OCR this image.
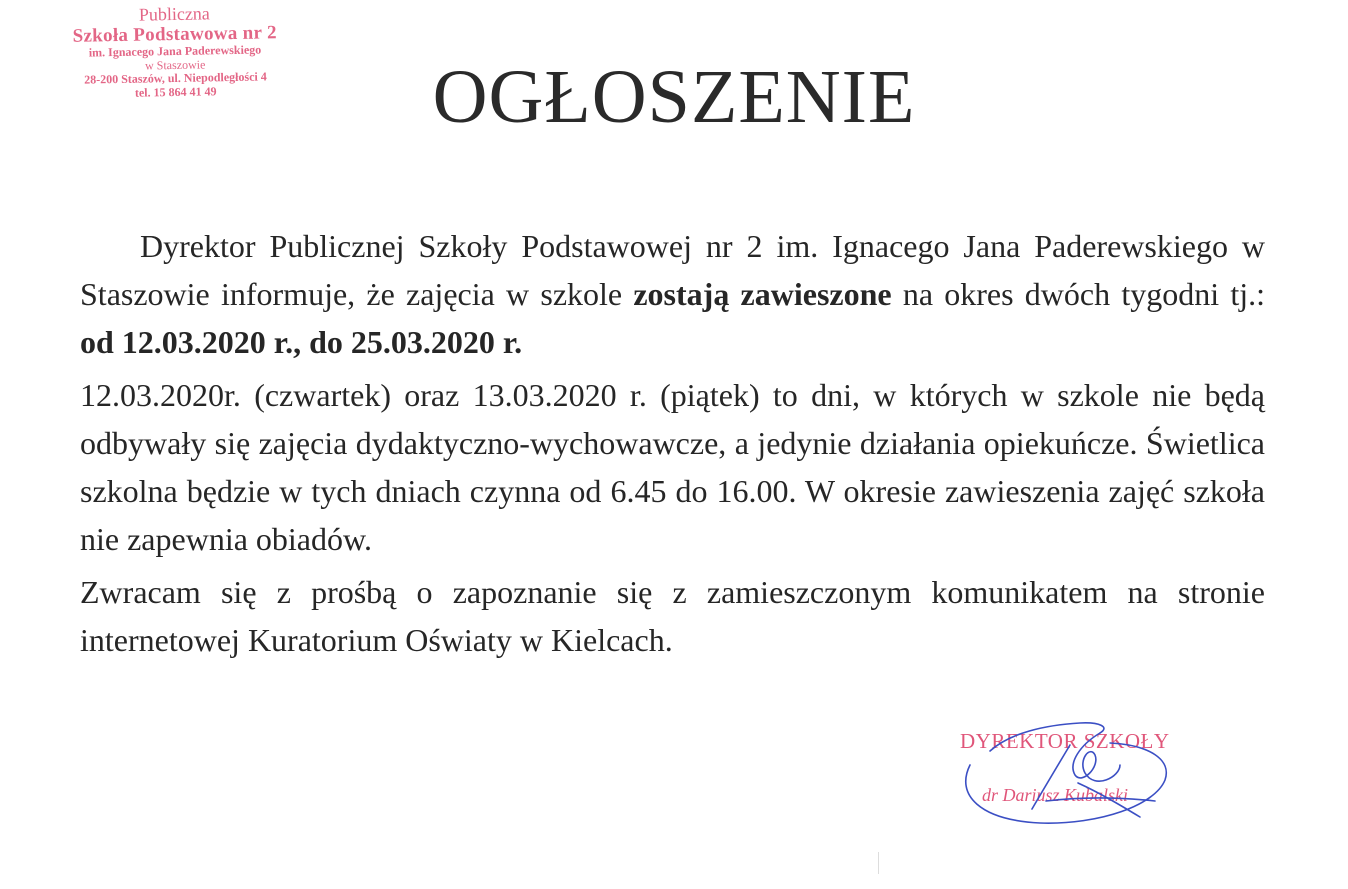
Publiczna
Szkoła Podstawowa nr 2
im. Ignacego Jana Paderewskiego
w Staszowie
28-200 Staszów, ul. Niepodległości 4
tel. 15 864 41 49	OGŁOSZENIE

Dyrektor Publicznej Szkoły Podstawowej nr 2 im. Ignacego Jana Paderewskiego w Staszowie informuje, że zajęcia w szkole zostają zawieszone na okres dwóch tygodni tj.: od 12.03.2020 r., do 25.03.2020 r.

12.03.2020r. (czwartek) oraz 13.03.2020 r. (piątek) to dni, w których w szkole nie będą odbywały się zajęcia dydaktyczno-wychowawcze, a jedynie działania opiekuńcze. Świetlica szkolna będzie w tych dniach czynna od 6.45 do 16.00. W okresie zawieszenia zajęć szkoła nie zapewnia obiadów.

Zwracam się z prośbą o zapoznanie się z zamieszczonym komunikatem na stronie internetowej Kuratorium Oświaty w Kielcach.

DYREKTOR SZKOŁY
dr Dariusz Kubalski
